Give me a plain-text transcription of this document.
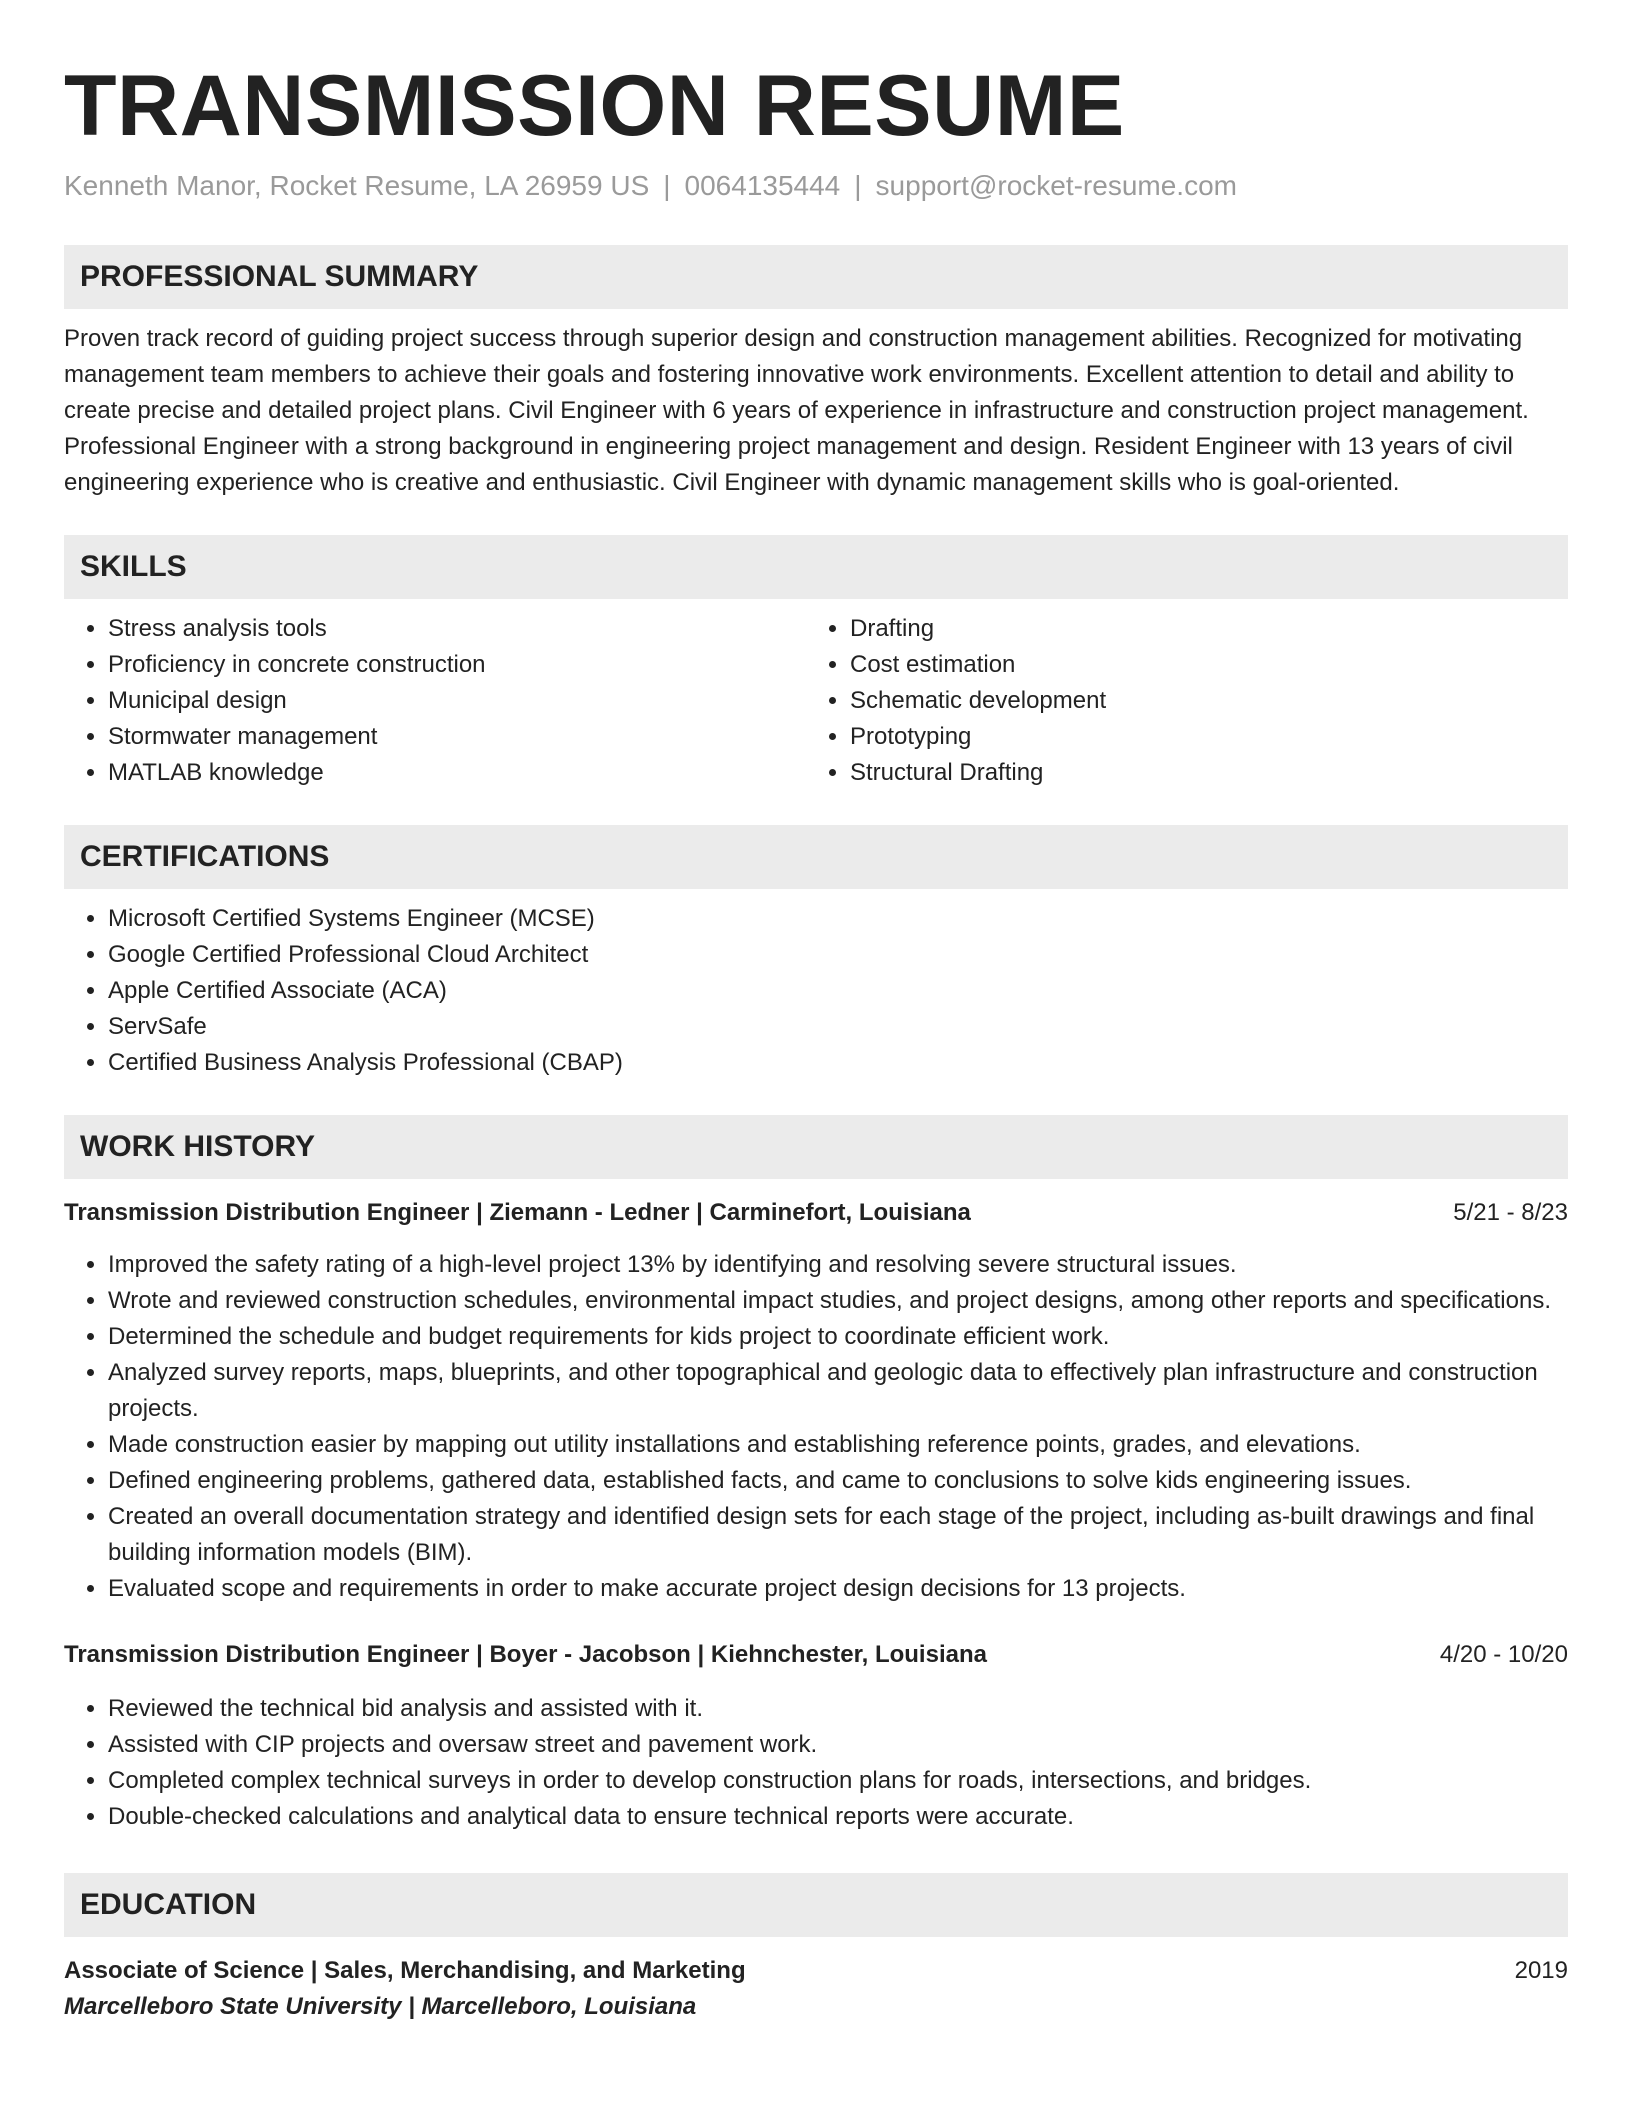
TRANSMISSION RESUME
Kenneth Manor, Rocket Resume, LA 26959 US | 0064135444 | support@rocket-resume.com
PROFESSIONAL SUMMARY

Proven track record of guiding project success through superior design and construction management abilities. Recognized for motivating management team members to achieve their goals and fostering innovative work environments. Excellent attention to detail and ability to create precise and detailed project plans. Civil Engineer with 6 years of experience in infrastructure and construction project management. Professional Engineer with a strong background in engineering project management and design. Resident Engineer with 13 years of civil engineering experience who is creative and enthusiastic. Civil Engineer with dynamic management skills who is goal-oriented.

SKILLS
• Stress analysis tools
• Proficiency in concrete construction
• Municipal design
• Stormwater management
• MATLAB knowledge
• Drafting
• Cost estimation
• Schematic development
• Prototyping
• Structural Drafting
CERTIFICATIONS
• Microsoft Certified Systems Engineer (MCSE)
• Google Certified Professional Cloud Architect
• Apple Certified Associate (ACA)
• ServSafe
• Certified Business Analysis Professional (CBAP)
WORK HISTORY
Transmission Distribution Engineer | Ziemann - Ledner | Carminefort, Louisiana	5/21 - 8/23
• Improved the safety rating of a high-level project 13% by identifying and resolving severe structural issues.
• Wrote and reviewed construction schedules, environmental impact studies, and project designs, among other reports and specifications.
• Determined the schedule and budget requirements for kids project to coordinate efficient work.
• Analyzed survey reports, maps, blueprints, and other topographical and geologic data to effectively plan infrastructure and construction projects.
• Made construction easier by mapping out utility installations and establishing reference points, grades, and elevations.
• Defined engineering problems, gathered data, established facts, and came to conclusions to solve kids engineering issues.
• Created an overall documentation strategy and identified design sets for each stage of the project, including as-built drawings and final building information models (BIM).
• Evaluated scope and requirements in order to make accurate project design decisions for 13 projects.
Transmission Distribution Engineer | Boyer - Jacobson | Kiehnchester, Louisiana	4/20 - 10/20
• Reviewed the technical bid analysis and assisted with it.
• Assisted with CIP projects and oversaw street and pavement work.
• Completed complex technical surveys in order to develop construction plans for roads, intersections, and bridges.
• Double-checked calculations and analytical data to ensure technical reports were accurate.
EDUCATION
Associate of Science | Sales, Merchandising, and Marketing	2019
Marcelleboro State University | Marcelleboro, Louisiana
